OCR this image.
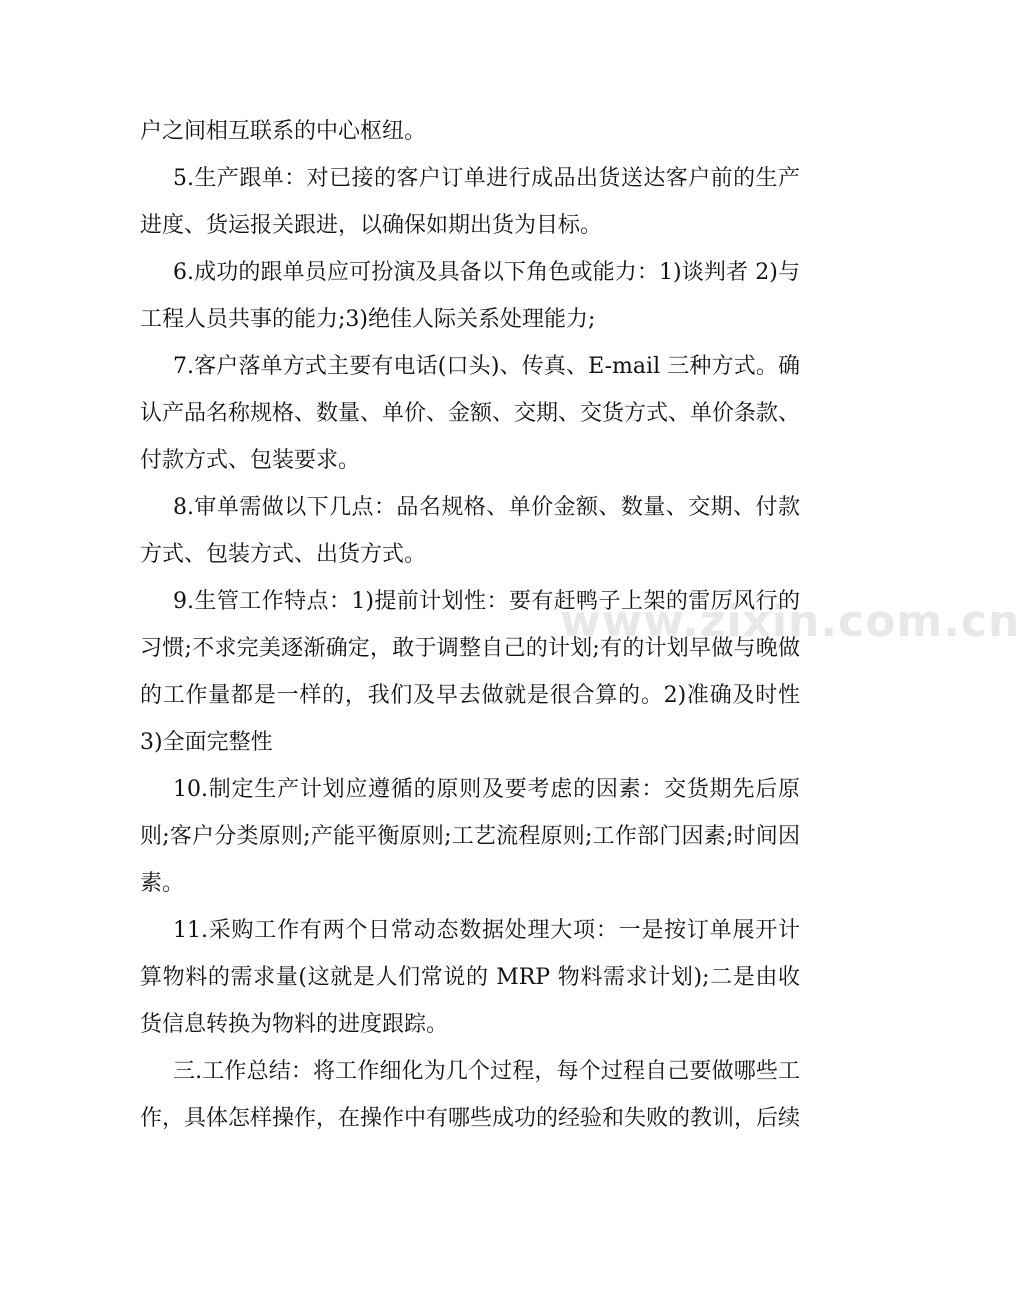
户之间相互联系的中心枢纽。

5.生产跟单：对已接的客户订单进行成品出货送达客户前的生产进度、货运报关跟进，以确保如期出货为目标。

6.成功的跟单员应可扮演及具备以下角色或能力：1)谈判者 2)与工程人员共事的能力;3)绝佳人际关系处理能力;

7.客户落单方式主要有电话(口头)、传真、E-mail 三种方式。确认产品名称规格、数量、单价、金额、交期、交货方式、单价条款、付款方式、包装要求。

8.审单需做以下几点：品名规格、单价金额、数量、交期、付款方式、包装方式、出货方式。

9.生管工作特点：1)提前计划性：要有赶鸭子上架的雷厉风行的习惯;不求完美逐渐确定，敢于调整自己的计划;有的计划早做与晚做的工作量都是一样的，我们及早去做就是很合算的。2)准确及时性 3)全面完整性

10.制定生产计划应遵循的原则及要考虑的因素：交货期先后原则;客户分类原则;产能平衡原则;工艺流程原则;工作部门因素;时间因素。

11.采购工作有两个日常动态数据处理大项：一是按订单展开计算物料的需求量(这就是人们常说的 MRP 物料需求计划);二是由收货信息转换为物料的进度跟踪。

三.工作总结：将工作细化为几个过程，每个过程自己要做哪些工作，具体怎样操作，在操作中有哪些成功的经验和失败的教训，后续

www.zixin.com.cn
